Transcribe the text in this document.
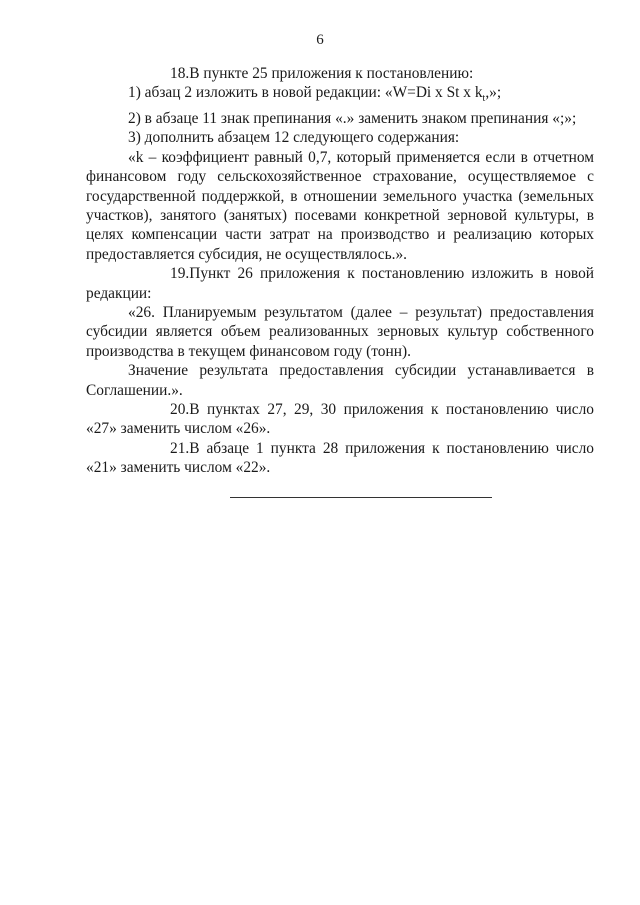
6

18.В пункте 25 приложения к постановлению:

1) абзац 2 изложить в новой редакции: «W=Di x St x $k_t$,»;

2) в абзаце 11 знак препинания «.» заменить знаком препинания «;»;

3) дополнить абзацем 12 следующего содержания:

«k – коэффициент равный 0,7, который применяется если в отчетном финансовом году сельскохозяйственное страхование, осуществляемое с государственной поддержкой, в отношении земельного участка (земельных участков), занятого (занятых) посевами конкретной зерновой культуры, в целях компенсации части затрат на производство и реализацию которых предоставляется субсидия, не осуществлялось.».

19.Пункт 26 приложения к постановлению изложить в новой редакции:

«26. Планируемым результатом (далее – результат) предоставления субсидии является объем реализованных зерновых культур собственного производства в текущем финансовом году (тонн).

Значение результата предоставления субсидии устанавливается в Соглашении.».

20.В пунктах 27, 29, 30 приложения к постановлению число «27» заменить числом «26».

21.В абзаце 1 пункта 28 приложения к постановлению число «21» заменить числом «22».
